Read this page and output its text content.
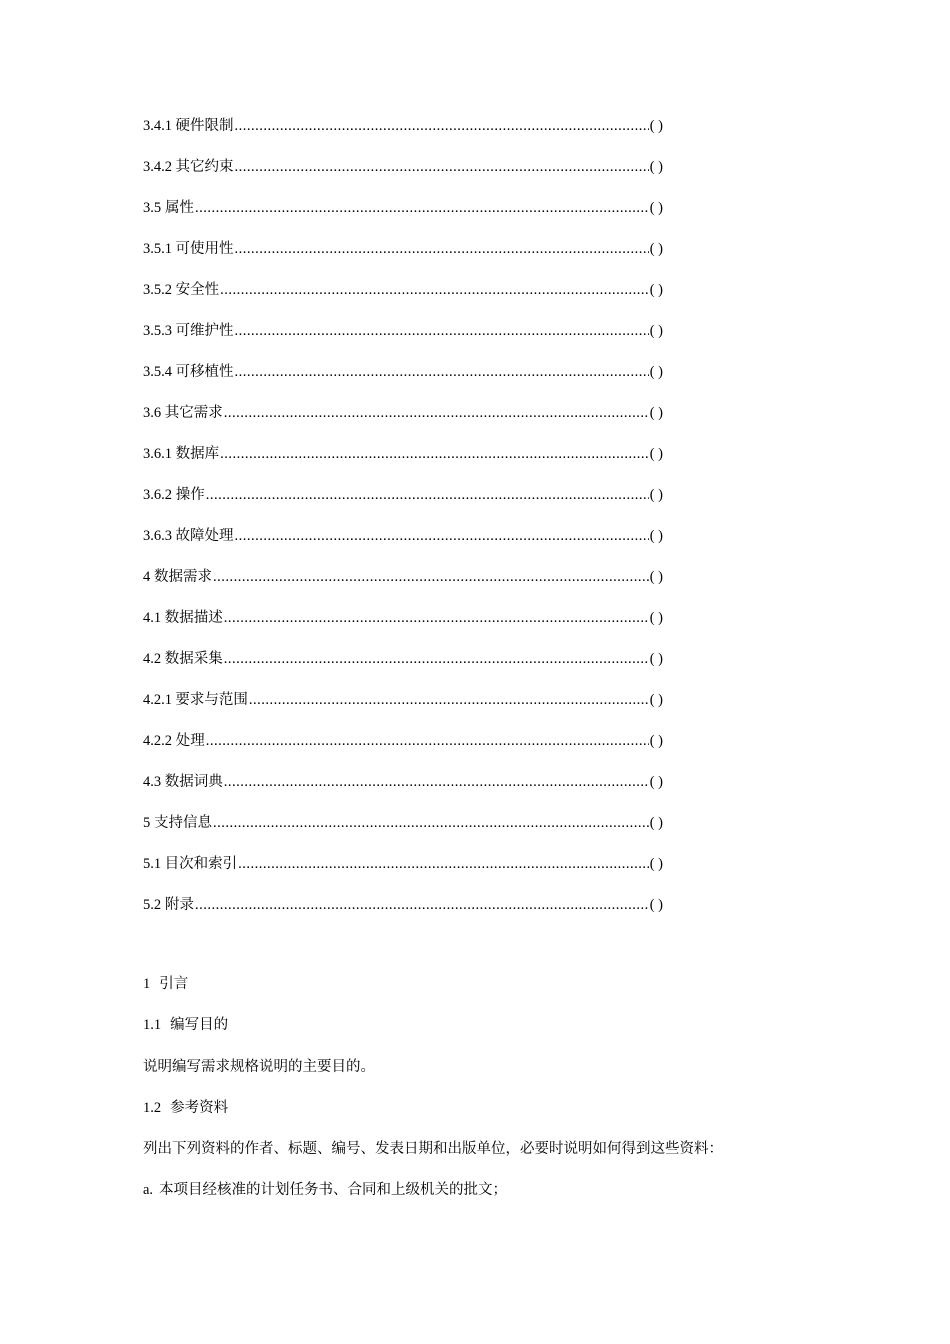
3.4.1 硬件限制 .....	( )
3.4.2 其它约束 .....	( )
3.5 属性 .....	( )
3.5.1 可使用性 .....	( )
3.5.2 安全性 .....	( )
3.5.3 可维护性 .....	( )
3.5.4 可移植性 .....	( )
3.6 其它需求 .....	( )
3.6.1 数据库 .....	( )
3.6.2 操作 .....	( )
3.6.3 故障处理 .....	( )
4 数据需求 .....	( )
4.1 数据描述 .....	( )
4.2 数据采集 .....	( )
4.2.1 要求与范围 .....	( )
4.2.2 处理 .....	( )
4.3 数据词典 .....	( )
5 支持信息 .....	( )
5.1 目次和索引 .....	( )
5.2 附录 .....	( )
1 引言
1.1 编写目的
说明编写需求规格说明的主要目的。
1.2 参考资料
列出下列资料的作者、标题、编号、发表日期和出版单位，必要时说明如何得到这些资料：
a. 本项目经核准的计划任务书、合同和上级机关的批文；
